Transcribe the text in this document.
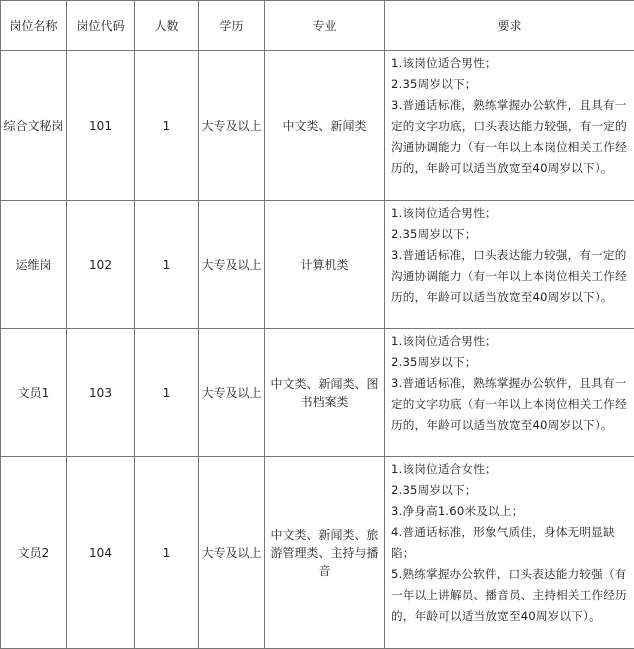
岗位名称	岗位代码	人数	学历	专业	要求
综合文秘岗	101	1	大专及以上	中文类、新闻类	1.该岗位适合男性；
2.35周岁以下；
3.普通话标准，熟练掌握办公软件，且具有一定的文字功底，口头表达能力较强，有一定的沟通协调能力（有一年以上本岗位相关工作经历的，年龄可以适当放宽至40周岁以下）。

运维岗	102	1	大专及以上	计算机类	1.该岗位适合男性；
2.35周岁以下；
3.普通话标准，口头表达能力较强，有一定的沟通协调能力（有一年以上本岗位相关工作经历的，年龄可以适当放宽至40周岁以下）。

文员1	103	1	大专及以上	中文类、新闻类、图书档案类	1.该岗位适合男性；
2.35周岁以下；
3.普通话标准，熟练掌握办公软件，且具有一定的文字功底（有一年以上本岗位相关工作经历的，年龄可以适当放宽至40周岁以下）。

文员2	104	1	大专及以上	中文类、新闻类、旅游管理类、主持与播音	1.该岗位适合女性；
2.35周岁以下；
3.净身高1.60米及以上；
4.普通话标准，形象气质佳，身体无明显缺陷；
5.熟练掌握办公软件，口头表达能力较强（有一年以上讲解员、播音员、主持相关工作经历的，年龄可以适当放宽至40周岁以下）。
